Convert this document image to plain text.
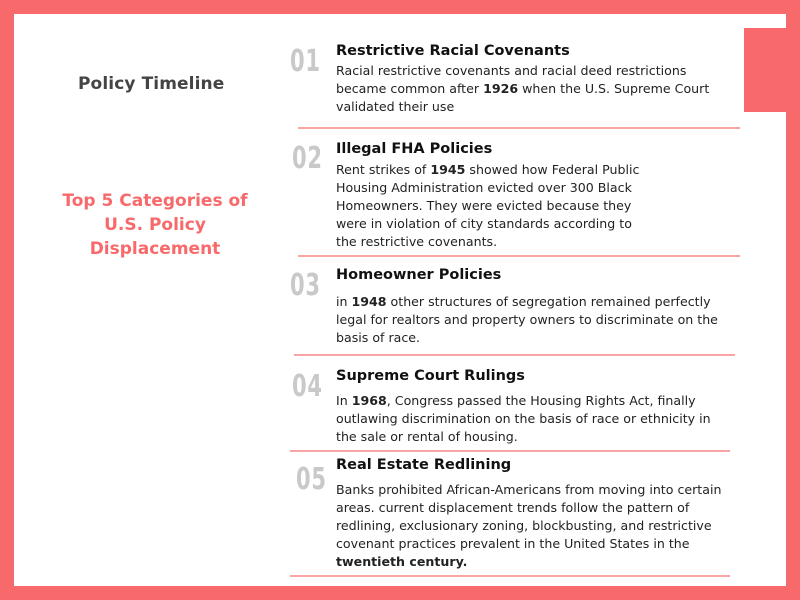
Policy Timeline
Top 5 Categories of U.S. Policy Displacement
01 Restrictive Racial Covenants
Racial restrictive covenants and racial deed restrictions became common after 1926 when the U.S. Supreme Court validated their use
02 Illegal FHA Policies
Rent strikes of 1945 showed how Federal Public Housing Administration evicted over 300 Black Homeowners. They were evicted because they were in violation of city standards according to the restrictive covenants.
03 Homeowner Policies
in 1948 other structures of segregation remained perfectly legal for realtors and property owners to discriminate on the basis of race.
04 Supreme Court Rulings
In 1968, Congress passed the Housing Rights Act, finally outlawing discrimination on the basis of race or ethnicity in the sale or rental of housing.
05 Real Estate Redlining
Banks prohibited African-Americans from moving into certain areas. current displacement trends follow the pattern of redlining, exclusionary zoning, blockbusting, and restrictive covenant practices prevalent in the United States in the twentieth century.
